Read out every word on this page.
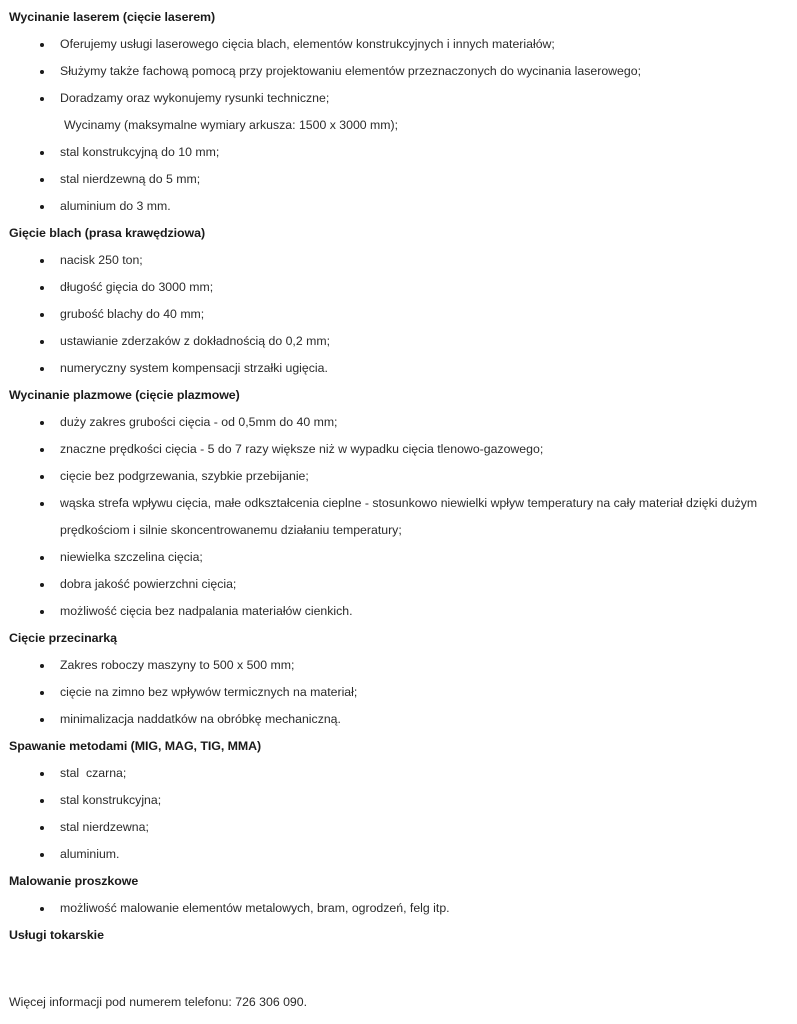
Wycinanie laserem (cięcie laserem)
Oferujemy usługi laserowego cięcia blach, elementów konstrukcyjnych i innych materiałów;
Służymy także fachową pomocą przy projektowaniu elementów przeznaczonych do wycinania laserowego;
Doradzamy oraz wykonujemy rysunki techniczne;
Wycinamy (maksymalne wymiary arkusza: 1500 x 3000 mm);
stal konstrukcyjną do 10 mm;
stal nierdzewną do 5 mm;
aluminium do 3 mm.
Gięcie blach (prasa krawędziowa)
nacisk 250 ton;
długość gięcia do 3000 mm;
grubość blachy do 40 mm;
ustawianie zderzaków z dokładnością do 0,2 mm;
numeryczny system kompensacji strzałki ugięcia.
Wycinanie plazmowe (cięcie plazmowe)
duży zakres grubości cięcia - od 0,5mm do 40 mm;
znaczne prędkości cięcia - 5 do 7 razy większe niż w wypadku cięcia tlenowo-gazowego;
cięcie bez podgrzewania, szybkie przebijanie;
wąska strefa wpływu cięcia, małe odkształcenia cieplne - stosunkowo niewielki wpływ temperatury na cały materiał dzięki dużym prędkościom i silnie skoncentrowanemu działaniu temperatury;
niewielka szczelina cięcia;
dobra jakość powierzchni cięcia;
możliwość cięcia bez nadpalania materiałów cienkich.
Cięcie przecinarką
Zakres roboczy maszyny to 500 x 500 mm;
cięcie na zimno bez wpływów termicznych na materiał;
minimalizacja naddatków na obróbkę mechaniczną.
Spawanie metodami (MIG, MAG, TIG, MMA)
stal  czarna;
stal konstrukcyjna;
stal nierdzewna;
aluminium.
Malowanie proszkowe
możliwość malowanie elementów metalowych, bram, ogrodzeń, felg itp.
Usługi tokarskie
Więcej informacji pod numerem telefonu: 726 306 090.
